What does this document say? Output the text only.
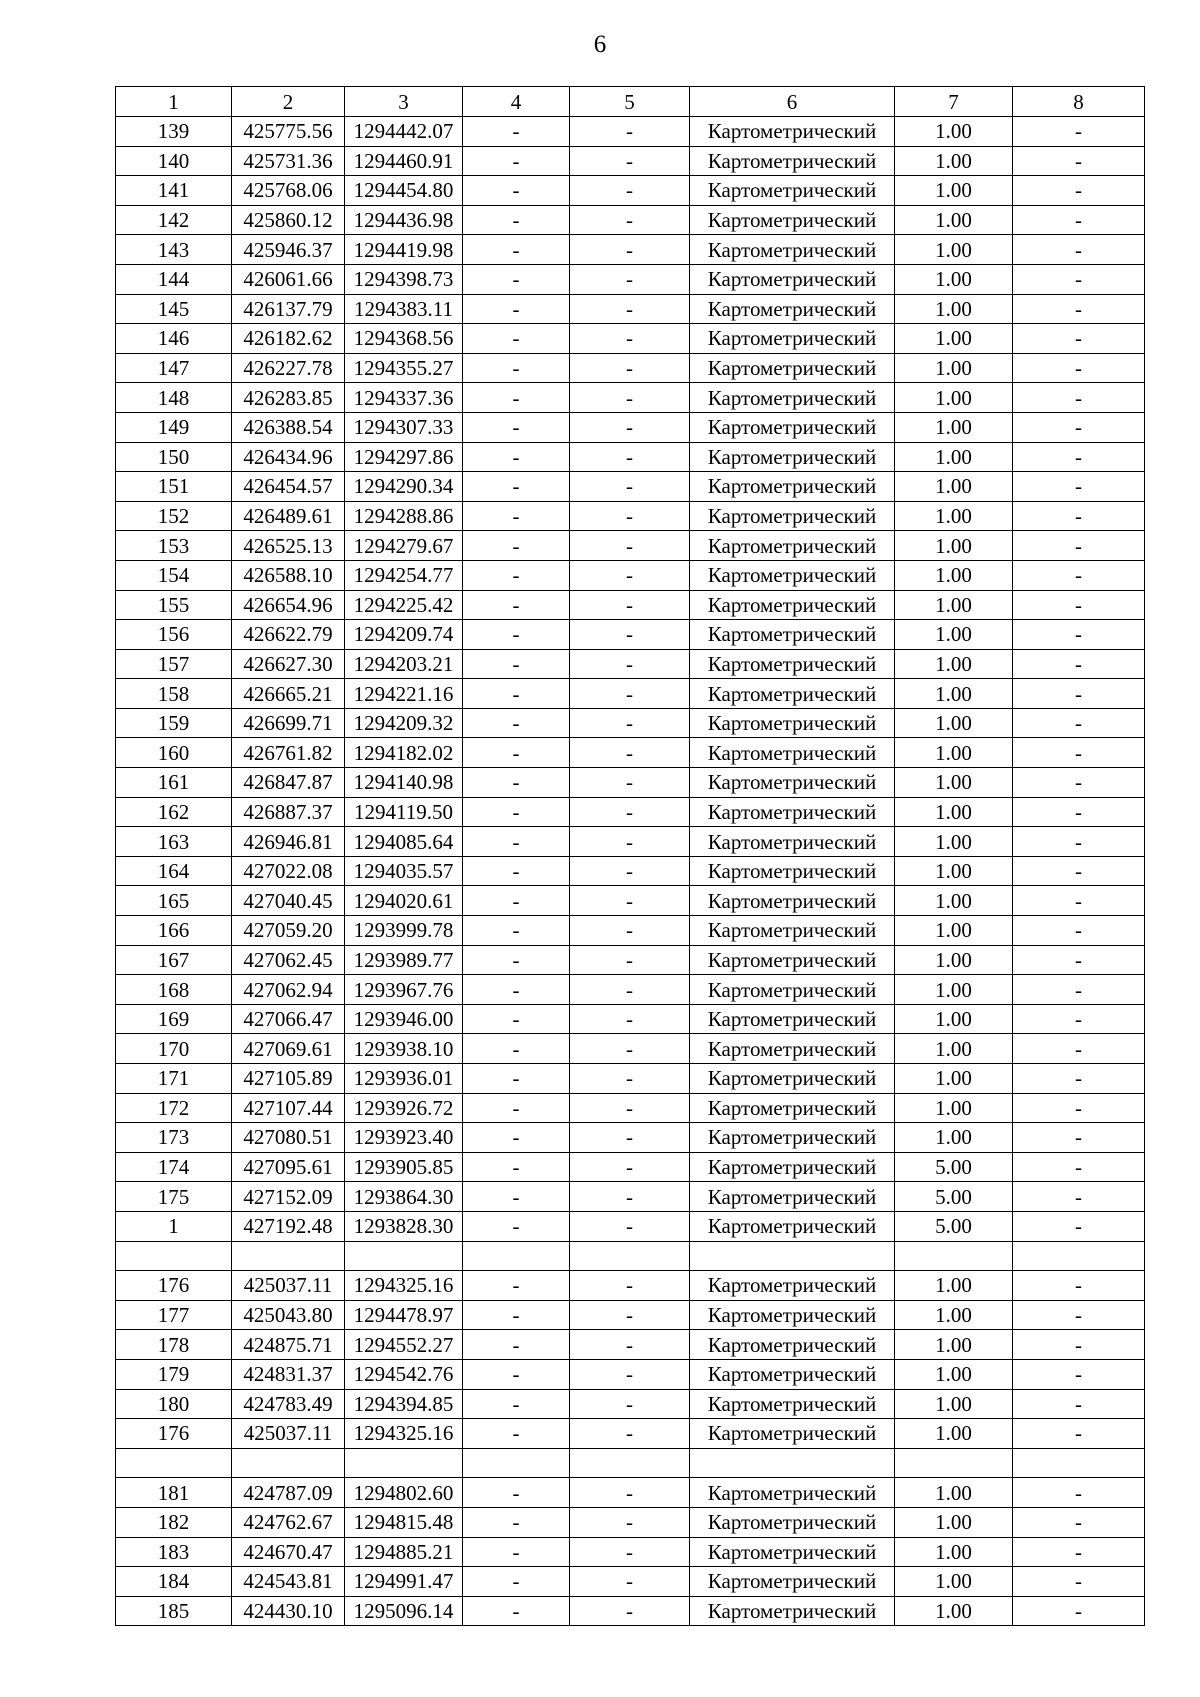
6
1	2	3	4	5	6	7	8
139	425775.56	1294442.07	-	-	Картометрический	1.00	-
140	425731.36	1294460.91	-	-	Картометрический	1.00	-
141	425768.06	1294454.80	-	-	Картометрический	1.00	-
142	425860.12	1294436.98	-	-	Картометрический	1.00	-
143	425946.37	1294419.98	-	-	Картометрический	1.00	-
144	426061.66	1294398.73	-	-	Картометрический	1.00	-
145	426137.79	1294383.11	-	-	Картометрический	1.00	-
146	426182.62	1294368.56	-	-	Картометрический	1.00	-
147	426227.78	1294355.27	-	-	Картометрический	1.00	-
148	426283.85	1294337.36	-	-	Картометрический	1.00	-
149	426388.54	1294307.33	-	-	Картометрический	1.00	-
150	426434.96	1294297.86	-	-	Картометрический	1.00	-
151	426454.57	1294290.34	-	-	Картометрический	1.00	-
152	426489.61	1294288.86	-	-	Картометрический	1.00	-
153	426525.13	1294279.67	-	-	Картометрический	1.00	-
154	426588.10	1294254.77	-	-	Картометрический	1.00	-
155	426654.96	1294225.42	-	-	Картометрический	1.00	-
156	426622.79	1294209.74	-	-	Картометрический	1.00	-
157	426627.30	1294203.21	-	-	Картометрический	1.00	-
158	426665.21	1294221.16	-	-	Картометрический	1.00	-
159	426699.71	1294209.32	-	-	Картометрический	1.00	-
160	426761.82	1294182.02	-	-	Картометрический	1.00	-
161	426847.87	1294140.98	-	-	Картометрический	1.00	-
162	426887.37	1294119.50	-	-	Картометрический	1.00	-
163	426946.81	1294085.64	-	-	Картометрический	1.00	-
164	427022.08	1294035.57	-	-	Картометрический	1.00	-
165	427040.45	1294020.61	-	-	Картометрический	1.00	-
166	427059.20	1293999.78	-	-	Картометрический	1.00	-
167	427062.45	1293989.77	-	-	Картометрический	1.00	-
168	427062.94	1293967.76	-	-	Картометрический	1.00	-
169	427066.47	1293946.00	-	-	Картометрический	1.00	-
170	427069.61	1293938.10	-	-	Картометрический	1.00	-
171	427105.89	1293936.01	-	-	Картометрический	1.00	-
172	427107.44	1293926.72	-	-	Картометрический	1.00	-
173	427080.51	1293923.40	-	-	Картометрический	1.00	-
174	427095.61	1293905.85	-	-	Картометрический	5.00	-
175	427152.09	1293864.30	-	-	Картометрический	5.00	-
1	427192.48	1293828.30	-	-	Картометрический	5.00	-

176	425037.11	1294325.16	-	-	Картометрический	1.00	-
177	425043.80	1294478.97	-	-	Картометрический	1.00	-
178	424875.71	1294552.27	-	-	Картометрический	1.00	-
179	424831.37	1294542.76	-	-	Картометрический	1.00	-
180	424783.49	1294394.85	-	-	Картометрический	1.00	-
176	425037.11	1294325.16	-	-	Картометрический	1.00	-

181	424787.09	1294802.60	-	-	Картометрический	1.00	-
182	424762.67	1294815.48	-	-	Картометрический	1.00	-
183	424670.47	1294885.21	-	-	Картометрический	1.00	-
184	424543.81	1294991.47	-	-	Картометрический	1.00	-
185	424430.10	1295096.14	-	-	Картометрический	1.00	-
